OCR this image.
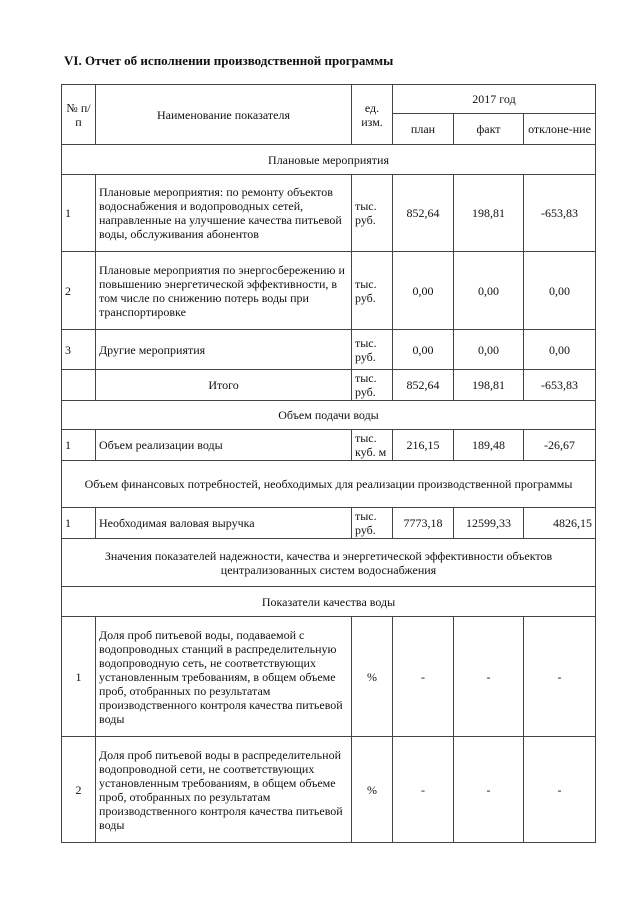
VI. Отчет об исполнении производственной программы
№ п/п	Наименование показателя	ед. изм.	2017 год		
			план	факт	отклоне-ние
Плановые мероприятия					
1	Плановые мероприятия: по ремонту объектов водоснабжения и водопроводных сетей, направленные на улучшение качества питьевой воды, обслуживания абонентов	тыс. руб.	852,64	198,81	-653,83
2	Плановые мероприятия по энергосбережению и повышению энергетической эффективности, в том числе по снижению потерь воды при транспортировке	тыс. руб.	0,00	0,00	0,00
3	Другие мероприятия	тыс. руб.	0,00	0,00	0,00
	Итого	тыс. руб.	852,64	198,81	-653,83
Объем подачи воды					
1	Объем реализации воды	тыс. куб. м	216,15	189,48	-26,67
Объем финансовых потребностей, необходимых для реализации производственной программы					
1	Необходимая валовая выручка	тыс. руб.	7773,18	12599,33	4826,15
Значения показателей надежности, качества и энергетической эффективности объектов централизованных систем водоснабжения					
Показатели качества воды					
1	Доля проб питьевой воды, подаваемой с водопроводных станций в распределительную водопроводную сеть, не соответствующих установленным требованиям, в общем объеме проб, отобранных по результатам производственного контроля качества питьевой воды	%	-	-	-
2	Доля проб питьевой воды в распределительной водопроводной сети, не соответствующих установленным требованиям, в общем объеме проб, отобранных по результатам производственного контроля качества питьевой воды	%	-	-	-
